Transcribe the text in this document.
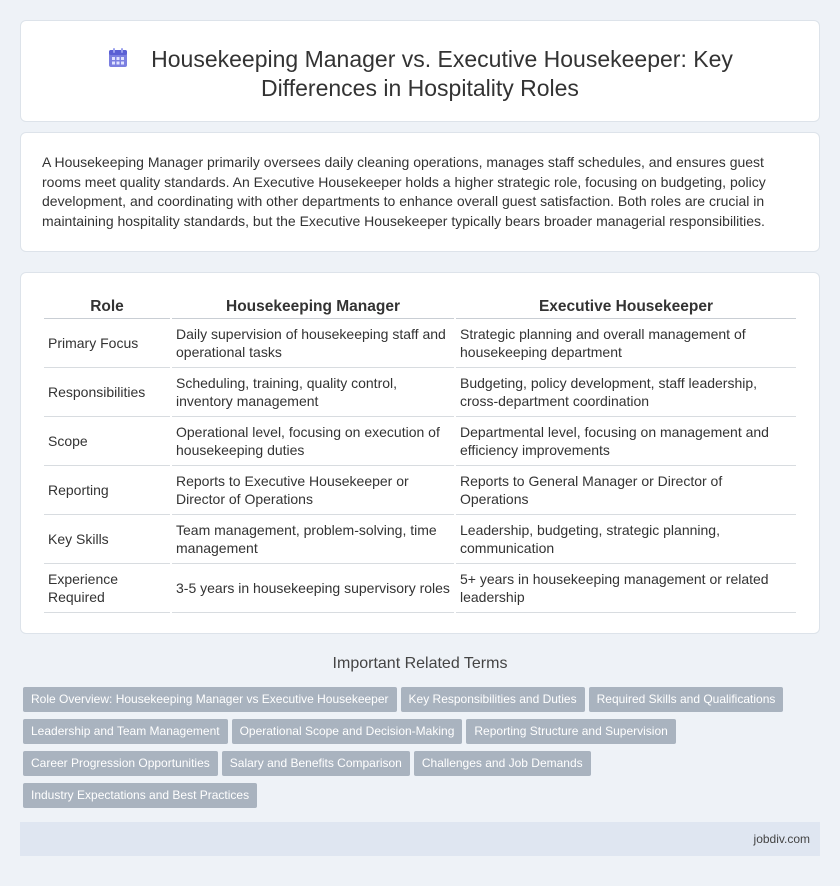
Housekeeping Manager vs. Executive Housekeeper: Key Differences in Hospitality Roles

A Housekeeping Manager primarily oversees daily cleaning operations, manages staff schedules, and ensures guest rooms meet quality standards. An Executive Housekeeper holds a higher strategic role, focusing on budgeting, policy development, and coordinating with other departments to enhance overall guest satisfaction. Both roles are crucial in maintaining hospitality standards, but the Executive Housekeeper typically bears broader managerial responsibilities.

Role	Housekeeping Manager	Executive Housekeeper
Primary Focus	Daily supervision of housekeeping staff and operational tasks	Strategic planning and overall management of housekeeping department
Responsibilities	Scheduling, training, quality control, inventory management	Budgeting, policy development, staff leadership, cross-department coordination
Scope	Operational level, focusing on execution of housekeeping duties	Departmental level, focusing on management and efficiency improvements
Reporting	Reports to Executive Housekeeper or Director of Operations	Reports to General Manager or Director of Operations
Key Skills	Team management, problem-solving, time management	Leadership, budgeting, strategic planning, communication
Experience Required	3-5 years in housekeeping supervisory roles	5+ years in housekeeping management or related leadership
Important Related Terms
Role Overview: Housekeeping Manager vs Executive Housekeeper Key Responsibilities and Duties Required Skills and Qualifications
Leadership and Team Management Operational Scope and Decision-Making Reporting Structure and Supervision
Career Progression Opportunities Salary and Benefits Comparison Challenges and Job Demands
Industry Expectations and Best Practices
jobdiv.com
